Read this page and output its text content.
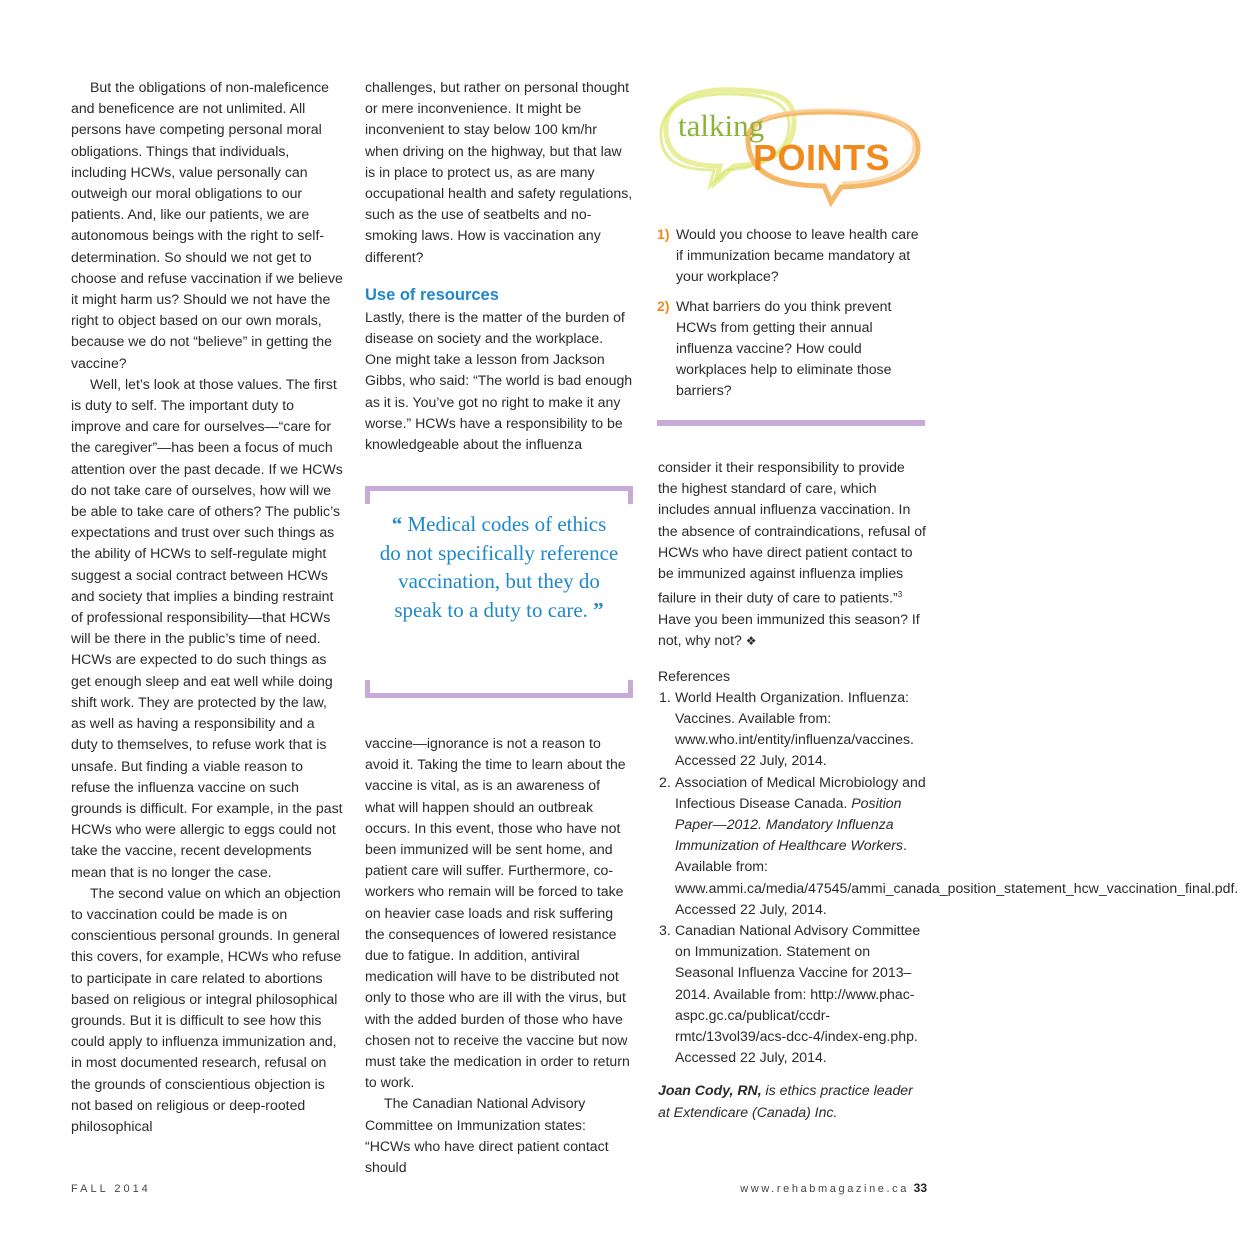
But the obligations of non-maleficence and beneficence are not unlimited. All persons have competing personal moral obligations. Things that individuals, including HCWs, value personally can outweigh our moral obligations to our patients. And, like our patients, we are autonomous beings with the right to self-determination. So should we not get to choose and refuse vaccination if we believe it might harm us? Should we not have the right to object based on our own morals, because we do not “believe” in getting the vaccine?

Well, let’s look at those values. The first is duty to self. The important duty to improve and care for ourselves—“care for the caregiver”—has been a focus of much attention over the past decade. If we HCWs do not take care of ourselves, how will we be able to take care of others? The public’s expectations and trust over such things as the ability of HCWs to self-regulate might suggest a social contract between HCWs and society that implies a binding restraint of professional responsibility—that HCWs will be there in the public’s time of need. HCWs are expected to do such things as get enough sleep and eat well while doing shift work. They are protected by the law, as well as having a responsibility and a duty to themselves, to refuse work that is unsafe. But finding a viable reason to refuse the influenza vaccine on such grounds is difficult. For example, in the past HCWs who were allergic to eggs could not take the vaccine, recent developments mean that is no longer the case.

The second value on which an objection to vaccination could be made is on conscientious personal grounds. In general this covers, for example, HCWs who refuse to participate in care related to abortions based on religious or integral philosophical grounds. But it is difficult to see how this could apply to influenza immunization and, in most documented research, refusal on the grounds of conscientious objection is not based on religious or deep-rooted philosophical

challenges, but rather on personal thought or mere inconvenience. It might be inconvenient to stay below 100 km/hr when driving on the highway, but that law is in place to protect us, as are many occupational health and safety regulations, such as the use of seatbelts and no-smoking laws. How is vaccination any different?

Use of resources

Lastly, there is the matter of the burden of disease on society and the workplace. One might take a lesson from Jackson Gibbs, who said: “The world is bad enough as it is. You’ve got no right to make it any worse.” HCWs have a responsibility to be knowledgeable about the influenza

“ Medical codes of ethics do not specifically reference vaccination, but they do speak to a duty to care. ”

vaccine—ignorance is not a reason to avoid it. Taking the time to learn about the vaccine is vital, as is an awareness of what will happen should an outbreak occurs. In this event, those who have not been immunized will be sent home, and patient care will suffer. Furthermore, co-workers who remain will be forced to take on heavier case loads and risk suffering the consequences of lowered resistance due to fatigue. In addition, antiviral medication will have to be distributed not only to those who are ill with the virus, but with the added burden of those who have chosen not to receive the vaccine but now must take the medication in order to return to work.

The Canadian National Advisory Committee on Immunization states: “HCWs who have direct patient contact should

talking
POINTS
1) Would you choose to leave health care if immunization became mandatory at your workplace?
2) What barriers do you think prevent HCWs from getting their annual influenza vaccine? How could workplaces help to eliminate those barriers?

consider it their responsibility to provide the highest standard of care, which includes annual influenza vaccination. In the absence of contraindications, refusal of HCWs who have direct patient contact to be immunized against influenza implies failure in their duty of care to patients.”$^3$ Have you been immunized this season? If not, why not? ❖

References

1. World Health Organization. Influenza: Vaccines. Available from: www.who.int/entity/influenza/vaccines. Accessed 22 July, 2014.
2. Association of Medical Microbiology and Infectious Disease Canada. Position Paper—2012. Mandatory Influenza Immunization of Healthcare Workers. Available from: www.ammi.ca/media/47545/ammi_canada_position_statement_hcw_vaccination_final.pdf. Accessed 22 July, 2014.
3. Canadian National Advisory Committee on Immunization. Statement on Seasonal Influenza Vaccine for 2013–2014. Available from: http://www.phac-aspc.gc.ca/publicat/ccdr-rmtc/13vol39/acs-dcc-4/index-eng.php. Accessed 22 July, 2014.

Joan Cody, RN, is ethics practice leader at Extendicare (Canada) Inc.

FALL 2014	www.rehabmagazine.ca 33
